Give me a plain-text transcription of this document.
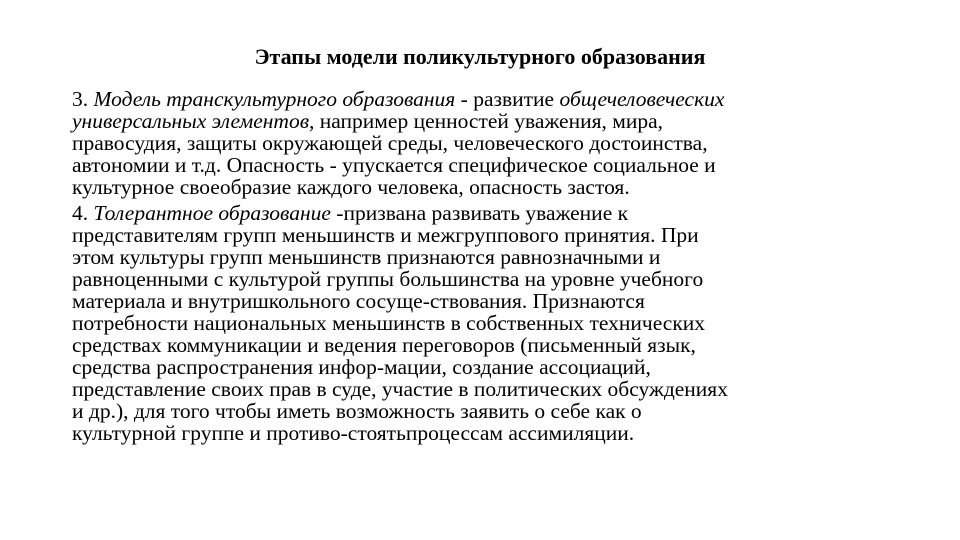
Этапы модели поликультурного образования

3. Модель транскультурного образования - развитие общечеловеческих
универсальных элементов, например ценностей уважения, мира,
правосудия, защиты окружающей среды, человеческого достоинства,
автономии и т.д. Опасность - упускается специфическое социальное и
культурное своеобразие каждого человека, опасность застоя.

4. Толерантное образование -призвана развивать уважение к
представителям групп меньшинств и межгруппового принятия. При
этом культуры групп меньшинств признаются равнозначными и
равноценными с культурой группы большинства на уровне учебного
материала и внутришкольного сосуще-ствования. Признаются
потребности национальных меньшинств в собственных технических
средствах коммуникации и ведения переговоров (письменный язык,
средства распространения инфор-мации, создание ассоциаций,
представление своих прав в суде, участие в политических обсуждениях
и др.), для того чтобы иметь возможность заявить о себе как о
культурной группе и противо-стоятьпроцессам ассимиляции.
